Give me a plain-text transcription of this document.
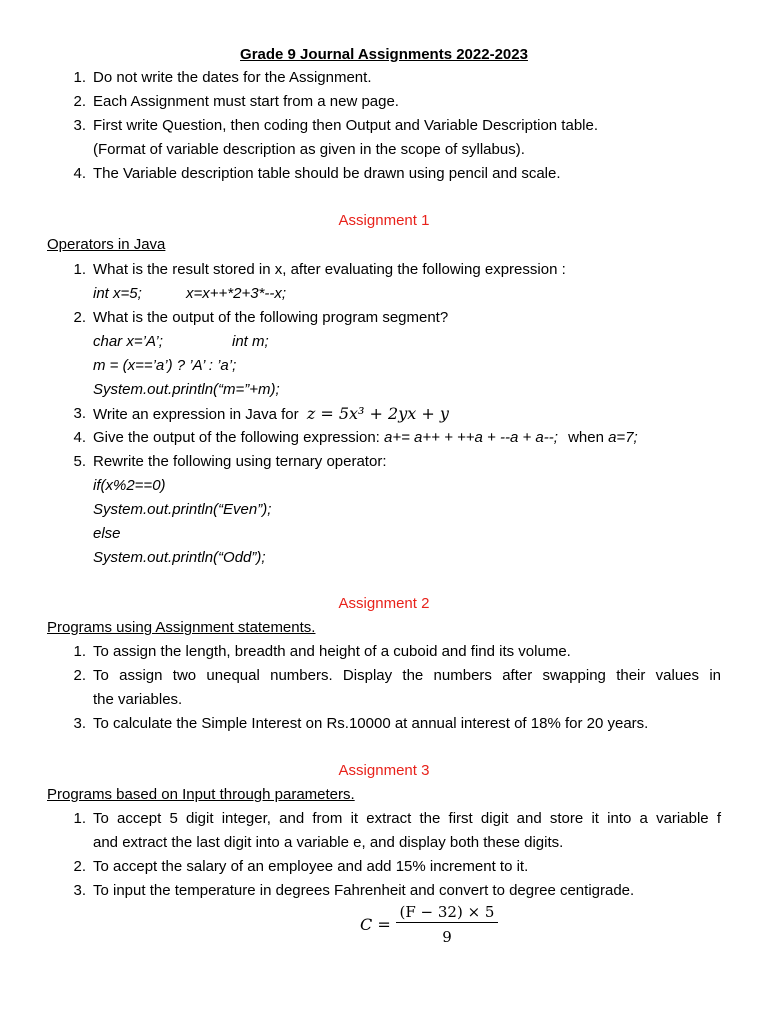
Grade 9 Journal Assignments 2022-2023
1. Do not write the dates for the Assignment.
2. Each Assignment must start from a new page.
3. First write Question, then coding then Output and Variable Description table.
(Format of variable description as given in the scope of syllabus).
4. The Variable description table should be drawn using pencil and scale.
Assignment 1
Operators in Java
1. What is the result stored in x, after evaluating the following expression :
int x=5;	x=x++*2+3*--x;
2. What is the output of the following program segment?
char x=’A’;	int m;
m = (x==’a’) ? ’A’ : ’a’;
System.out.println(“m=”+m);
3. Write an expression in Java for z = 5x³ + 2yx + y
4. Give the output of the following expression: a+= a++ + ++a + --a + a--; when a=7;
5. Rewrite the following using ternary operator:
if(x%2==0)
System.out.println(“Even”);
else
System.out.println(“Odd”);
Assignment 2
Programs using Assignment statements.
1. To assign the length, breadth and height of a cuboid and find its volume.
2. To assign two unequal numbers. Display the numbers after swapping their values in
the variables.
3. To calculate the Simple Interest on Rs.10000 at annual interest of 18% for 20 years.
Assignment 3
Programs based on Input through parameters.
1. To accept 5 digit integer, and from it extract the first digit and store it into a variable f
and extract the last digit into a variable e, and display both these digits.
2. To accept the salary of an employee and add 15% increment to it.
3. To input the temperature in degrees Fahrenheit and convert to degree centigrade.
C =
(F − 32) × 5
9
